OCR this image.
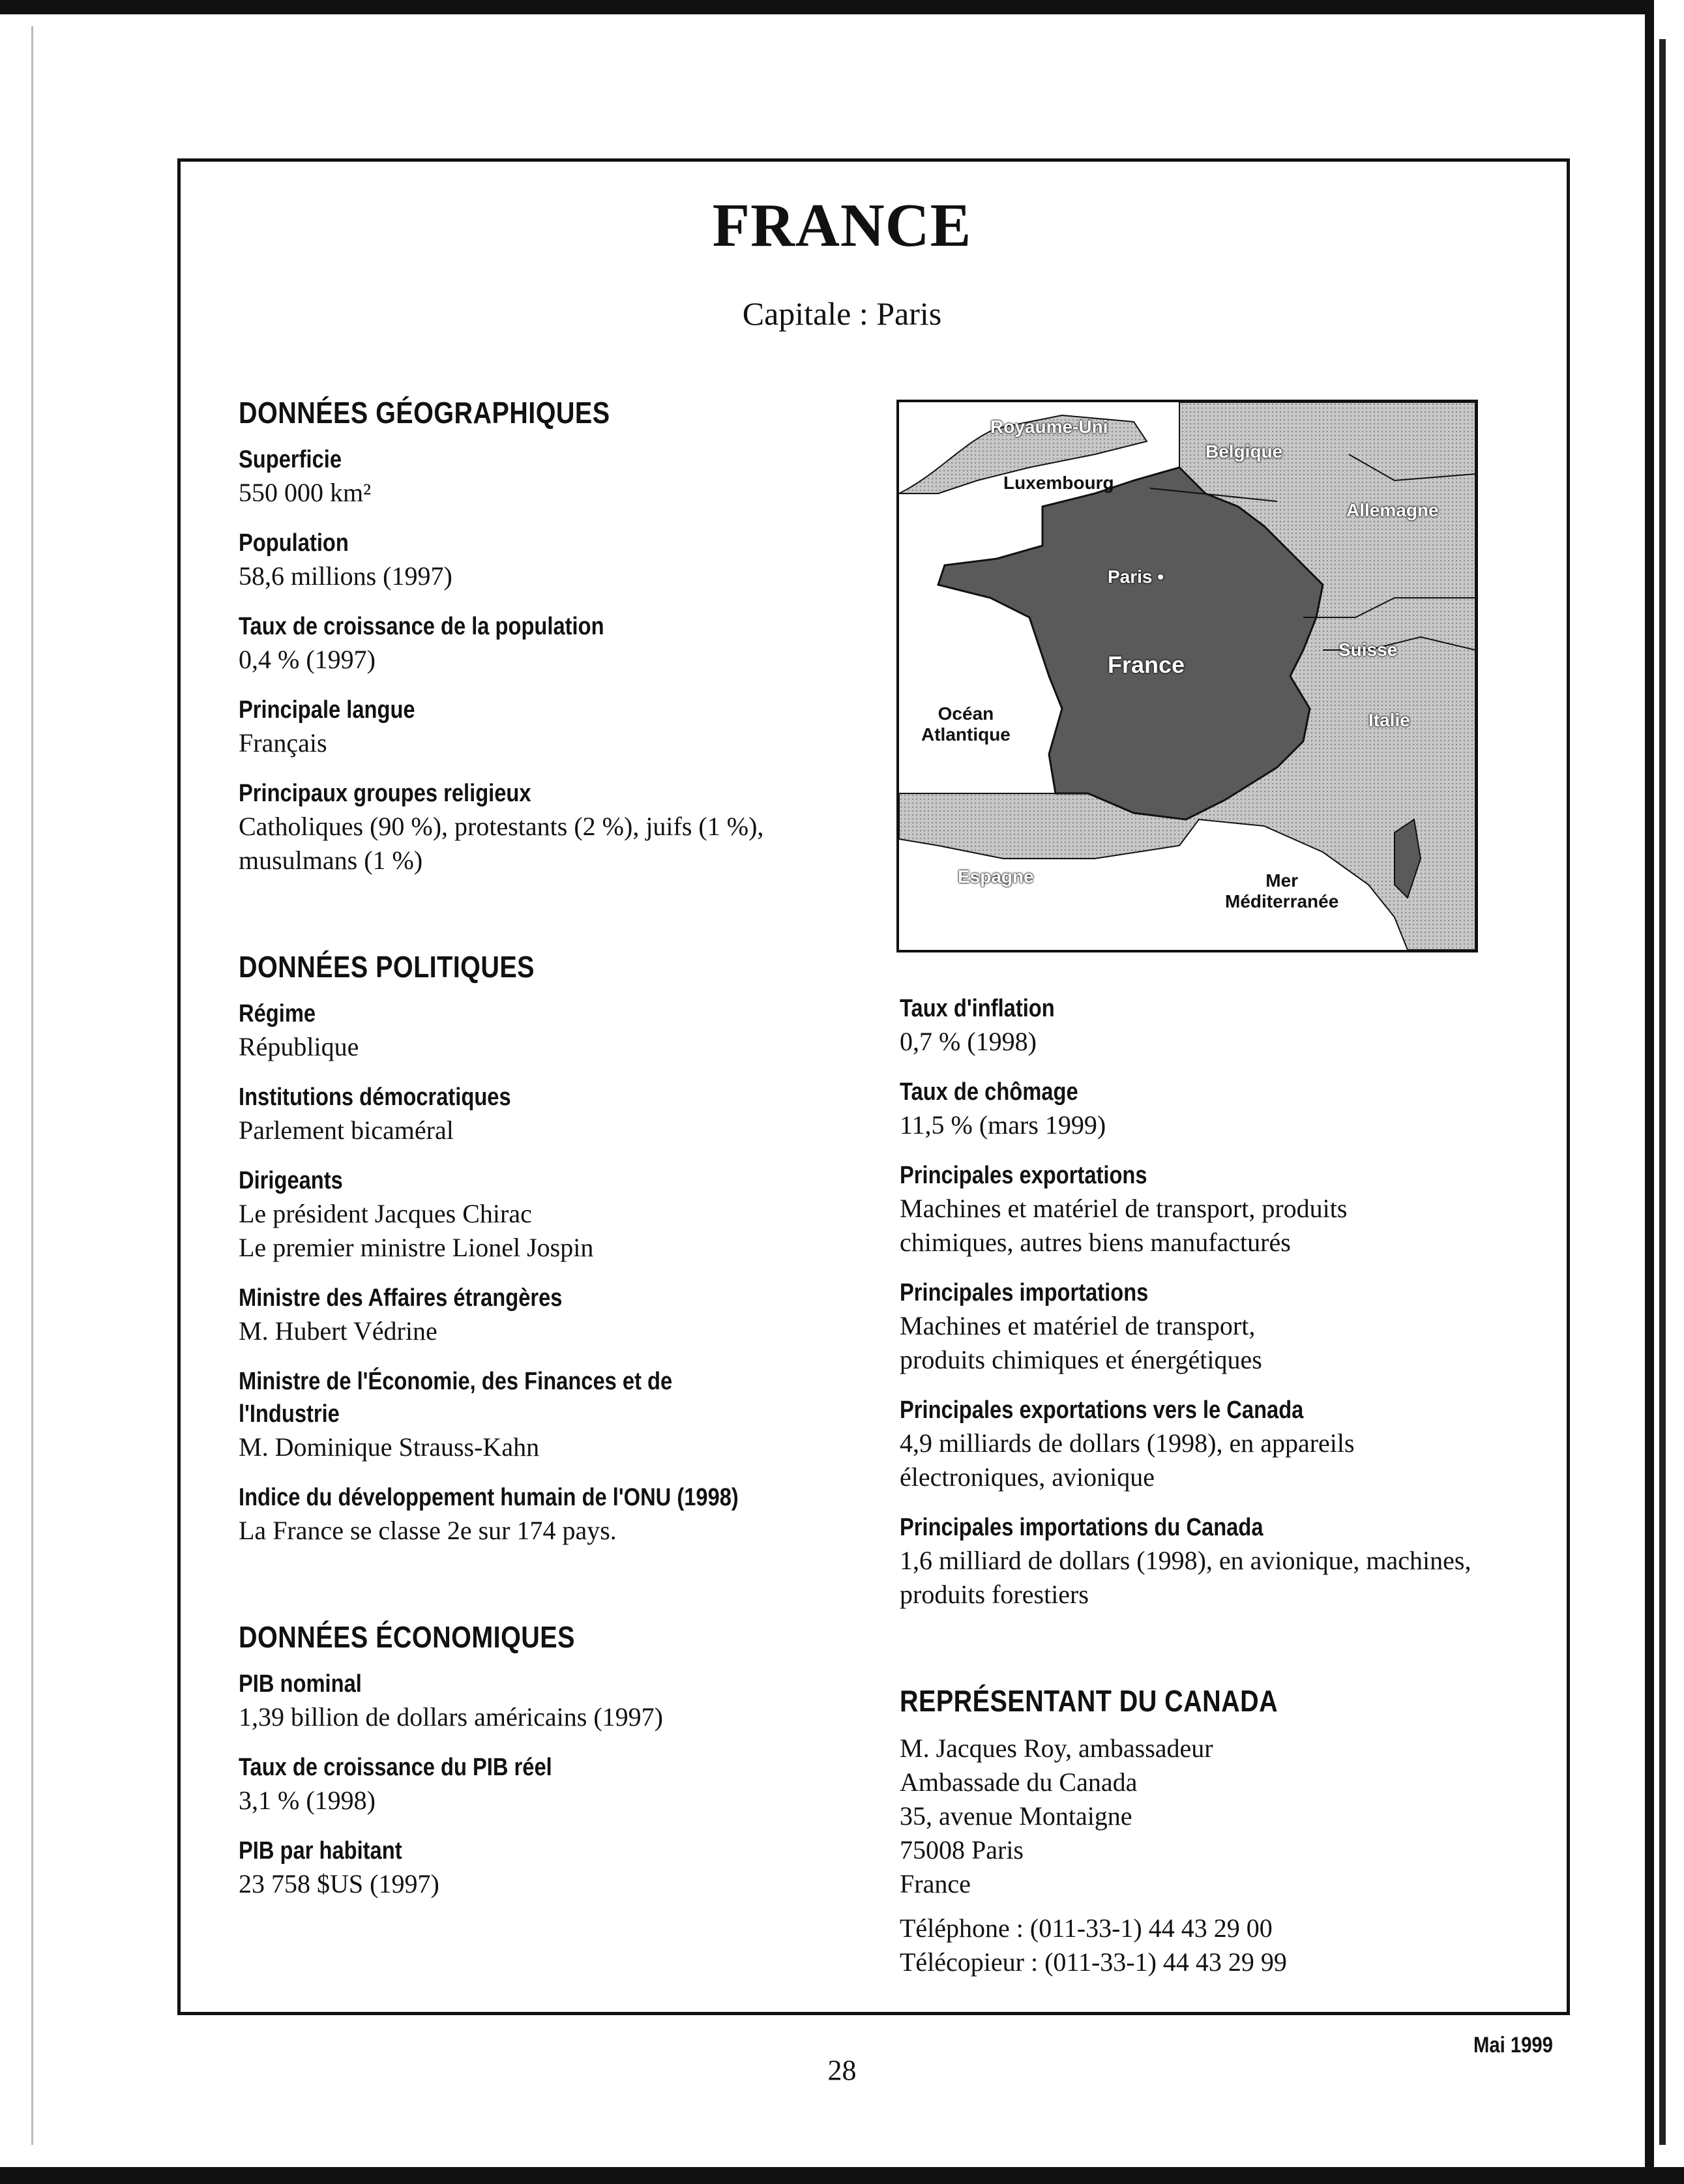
FRANCE
Capitale : Paris
DONNÉES GÉOGRAPHIQUES
Superficie
550 000 km²
Population
58,6 millions (1997)
Taux de croissance de la population
0,4 % (1997)
Principale langue
Français
Principaux groupes religieux
Catholiques (90 %), protestants (2 %), juifs (1 %), musulmans (1 %)
DONNÉES POLITIQUES
Régime
République
Institutions démocratiques
Parlement bicaméral
Dirigeants
Le président Jacques Chirac
Le premier ministre Lionel Jospin
Ministre des Affaires étrangères
M. Hubert Védrine
Ministre de l'Économie, des Finances et de
l'Industrie
M. Dominique Strauss-Kahn
Indice du développement humain de l'ONU (1998)
La France se classe 2e sur 174 pays.
DONNÉES ÉCONOMIQUES
PIB nominal
1,39 billion de dollars américains (1997)
Taux de croissance du PIB réel
3,1 % (1998)
PIB par habitant
23 758 $US (1997)
Royaume-Uni
Belgique
Luxembourg
Allemagne
Paris •
France
Suisse
Italie
Océan
Atlantique
Espagne	Mer
Méditerranée
Taux d'inflation
0,7 % (1998)
Taux de chômage
11,5 % (mars 1999)
Principales exportations
Machines et matériel de transport, produits
chimiques, autres biens manufacturés
Principales importations
Machines et matériel de transport,
produits chimiques et énergétiques
Principales exportations vers le Canada
4,9 milliards de dollars (1998), en appareils
électroniques, avionique
Principales importations du Canada
1,6 milliard de dollars (1998), en avionique, machines,
produits forestiers
REPRÉSENTANT DU CANADA
M. Jacques Roy, ambassadeur
Ambassade du Canada
35, avenue Montaigne
75008 Paris
France
Téléphone : (011-33-1) 44 43 29 00
Télécopieur : (011-33-1) 44 43 29 99
Mai 1999
28
